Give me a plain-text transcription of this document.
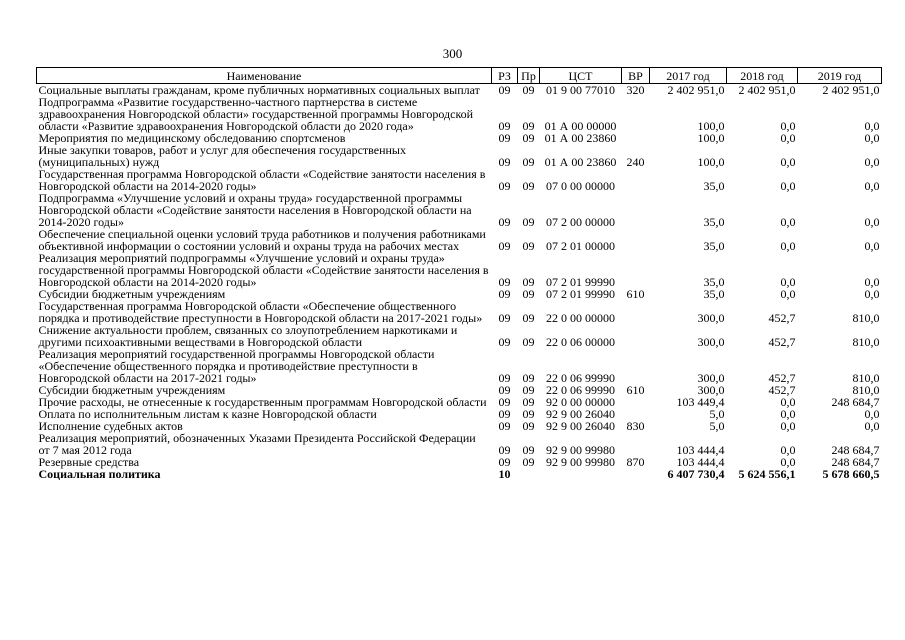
300
Наименование	РЗ	Пр	ЦСТ	ВР	2017 год	2018 год	2019 год
Социальные выплаты гражданам, кроме публичных нормативных социальных выплат	09	09	01 9 00 77010	320	2 402 951,0	2 402 951,0	2 402 951,0
Подпрограмма «Развитие государственно-частного партнерства в системе здравоохранения Новгородской области» государственной программы Новгородской области «Развитие здравоохранения Новгородской области до 2020 года»	09	09	01 А 00 00000		100,0	0,0	0,0
Мероприятия по медицинскому обследованию спортсменов	09	09	01 А 00 23860		100,0	0,0	0,0
Иные закупки товаров, работ и услуг для обеспечения государственных (муниципальных) нужд	09	09	01 А 00 23860	240	100,0	0,0	0,0
Государственная программа Новгородской области «Содействие занятости населения в Новгородской области на 2014-2020 годы»	09	09	07 0 00 00000		35,0	0,0	0,0
Подпрограмма «Улучшение условий и охраны труда» государственной программы Новгородской области «Содействие занятости населения в Новгородской области на 2014-2020 годы»	09	09	07 2 00 00000		35,0	0,0	0,0
Обеспечение специальной оценки условий труда работников и получения работниками объективной информации о состоянии условий и охраны труда на рабочих местах	09	09	07 2 01 00000		35,0	0,0	0,0
Реализация мероприятий подпрограммы «Улучшение условий и охраны труда» государственной программы Новгородской области «Содействие занятости населения в Новгородской области на 2014-2020 годы»	09	09	07 2 01 99990		35,0	0,0	0,0
Субсидии бюджетным учреждениям	09	09	07 2 01 99990	610	35,0	0,0	0,0
Государственная программа Новгородской области «Обеспечение общественного порядка и противодействие преступности в Новгородской области на 2017-2021 годы»	09	09	22 0 00 00000		300,0	452,7	810,0
Снижение актуальности проблем, связанных со злоупотреблением наркотиками и другими психоактивными веществами в Новгородской области	09	09	22 0 06 00000		300,0	452,7	810,0
Реализация мероприятий государственной программы Новгородской области «Обеспечение общественного порядка и противодействие преступности в Новгородской области на 2017-2021 годы»	09	09	22 0 06 99990		300,0	452,7	810,0
Субсидии бюджетным учреждениям	09	09	22 0 06 99990	610	300,0	452,7	810,0
Прочие расходы, не отнесенные к государственным программам Новгородской области	09	09	92 0 00 00000		103 449,4	0,0	248 684,7
Оплата по исполнительным листам к казне Новгородской области	09	09	92 9 00 26040		5,0	0,0	0,0
Исполнение судебных актов	09	09	92 9 00 26040	830	5,0	0,0	0,0
Реализация мероприятий, обозначенных Указами Президента Российской Федерации от 7 мая 2012 года	09	09	92 9 00 99980		103 444,4	0,0	248 684,7
Резервные средства	09	09	92 9 00 99980	870	103 444,4	0,0	248 684,7
Социальная политика	10				6 407 730,4	5 624 556,1	5 678 660,5
